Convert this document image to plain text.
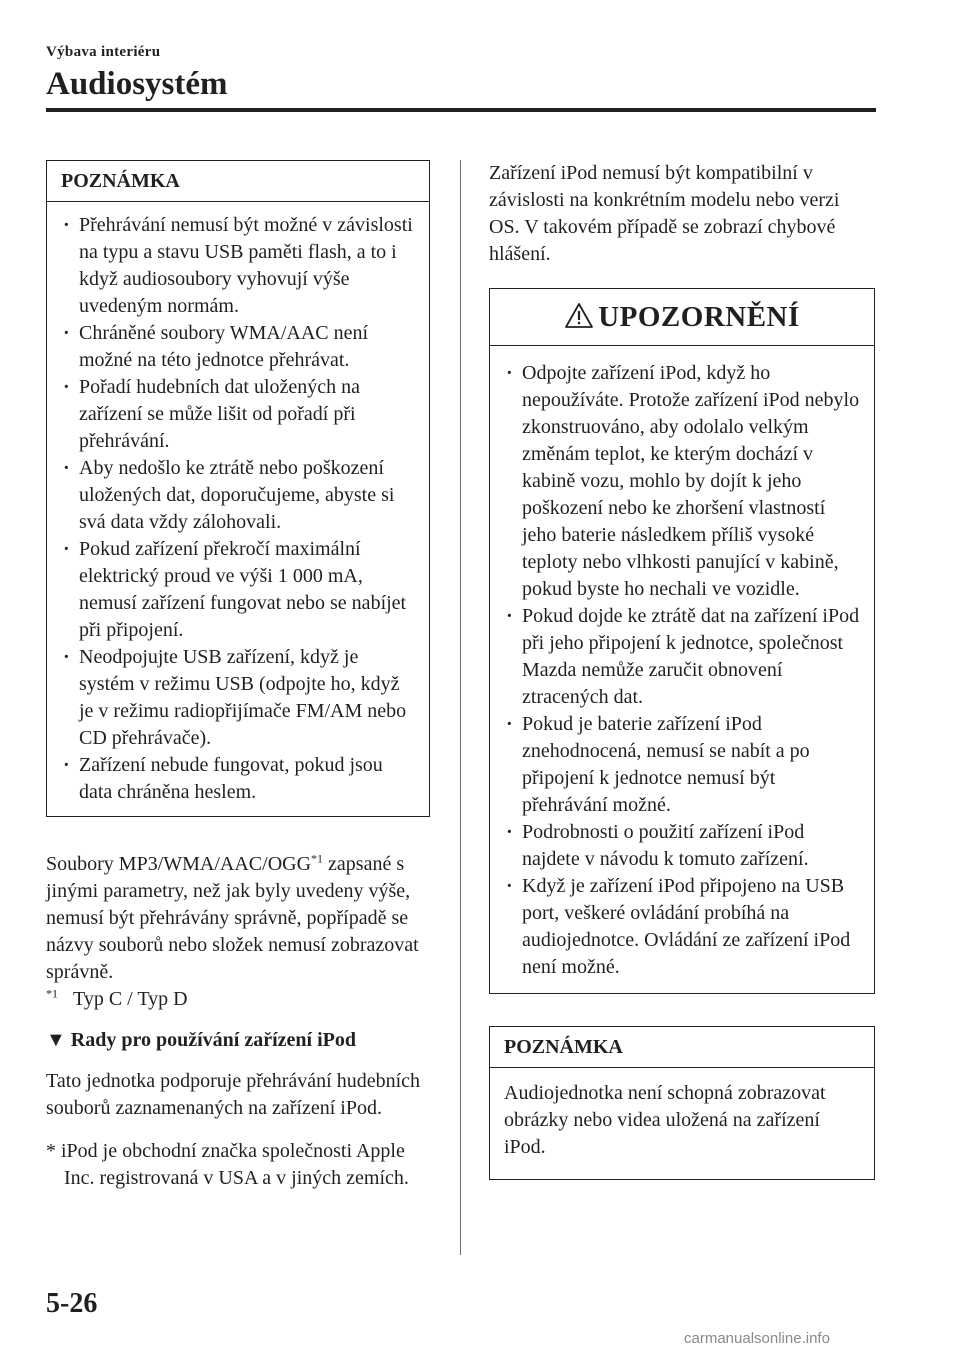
Výbava interiéru
Audiosystém
POZNÁMKA
· Přehrávání nemusí být možné v závislosti na typu a stavu USB paměti flash, a to i když audiosoubory vyhovují výše uvedeným normám.
· Chráněné soubory WMA/AAC není možné na této jednotce přehrávat.
· Pořadí hudebních dat uložených na zařízení se může lišit od pořadí při přehrávání.
· Aby nedošlo ke ztrátě nebo poškození uložených dat, doporučujeme, abyste si svá data vždy zálohovali.
· Pokud zařízení překročí maximální elektrický proud ve výši 1 000 mA, nemusí zařízení fungovat nebo se nabíjet při připojení.
· Neodpojujte USB zařízení, když je systém v režimu USB (odpojte ho, když je v režimu radiopřijímače FM/AM nebo CD přehrávače).
· Zařízení nebude fungovat, pokud jsou data chráněna heslem.

Soubory MP3/WMA/AAC/OGG$^{*1}$ zapsané s jinými parametry, než jak byly uvedeny výše, nemusí být přehrávány správně, popřípadě se názvy souborů nebo složek nemusí zobrazovat správně.

$^{*1}$ Typ C / Typ D
▼ Rady pro používání zařízení iPod

Tato jednotka podporuje přehrávání hudebních souborů zaznamenaných na zařízení iPod.

* iPod je obchodní značka společnosti Apple Inc. registrovaná v USA a v jiných zemích.

Zařízení iPod nemusí být kompatibilní v závislosti na konkrétním modelu nebo verzi OS. V takovém případě se zobrazí chybové hlášení.

UPOZORNĚNÍ
· Odpojte zařízení iPod, když ho nepoužíváte. Protože zařízení iPod nebylo zkonstruováno, aby odolalo velkým změnám teplot, ke kterým dochází v kabině vozu, mohlo by dojít k jeho poškození nebo ke zhoršení vlastností jeho baterie následkem příliš vysoké teploty nebo vlhkosti panující v kabině, pokud byste ho nechali ve vozidle.
· Pokud dojde ke ztrátě dat na zařízení iPod při jeho připojení k jednotce, společnost Mazda nemůže zaručit obnovení ztracených dat.
· Pokud je baterie zařízení iPod znehodnocená, nemusí se nabít a po připojení k jednotce nemusí být přehrávání možné.
· Podrobnosti o použití zařízení iPod najdete v návodu k tomuto zařízení.
· Když je zařízení iPod připojeno na USB port, veškeré ovládání probíhá na audiojednotce. Ovládání ze zařízení iPod není možné.
POZNÁMKA
Audiojednotka není schopná zobrazovat obrázky nebo videa uložená na zařízení iPod.
5-26
carmanualsonline.info
